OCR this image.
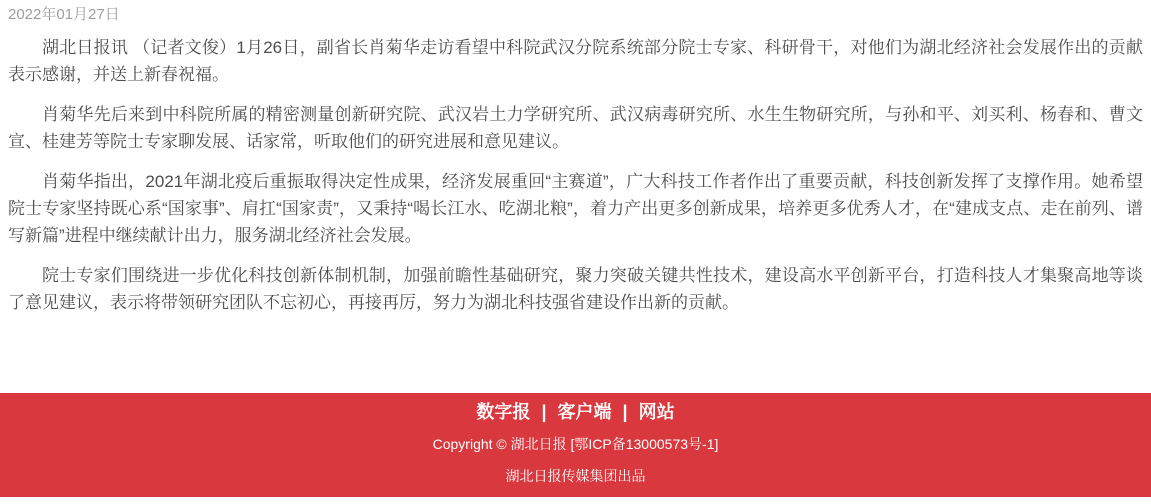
2022年01月27日

湖北日报讯 （记者文俊）1月26日，副省长肖菊华走访看望中科院武汉分院系统部分院士专家、科研骨干，对他们为湖北经济社会发展作出的贡献表示感谢，并送上新春祝福。

肖菊华先后来到中科院所属的精密测量创新研究院、武汉岩土力学研究所、武汉病毒研究所、水生生物研究所，与孙和平、刘买利、杨春和、曹文宣、桂建芳等院士专家聊发展、话家常，听取他们的研究进展和意见建议。

肖菊华指出，2021年湖北疫后重振取得决定性成果，经济发展重回“主赛道”，广大科技工作者作出了重要贡献，科技创新发挥了支撑作用。她希望院士专家坚持既心系“国家事”、肩扛“国家责”，又秉持“喝长江水、吃湖北粮”，着力产出更多创新成果，培养更多优秀人才，在“建成支点、走在前列、谱写新篇”进程中继续献计出力，服务湖北经济社会发展。

院士专家们围绕进一步优化科技创新体制机制，加强前瞻性基础研究，聚力突破关键共性技术，建设高水平创新平台，打造科技人才集聚高地等谈了意见建议，表示将带领研究团队不忘初心，再接再厉，努力为湖北科技强省建设作出新的贡献。

数字报 | 客户端 | 网站
Copyright © 湖北日报 [鄂ICP备13000573号-1]
湖北日报传媒集团出品
